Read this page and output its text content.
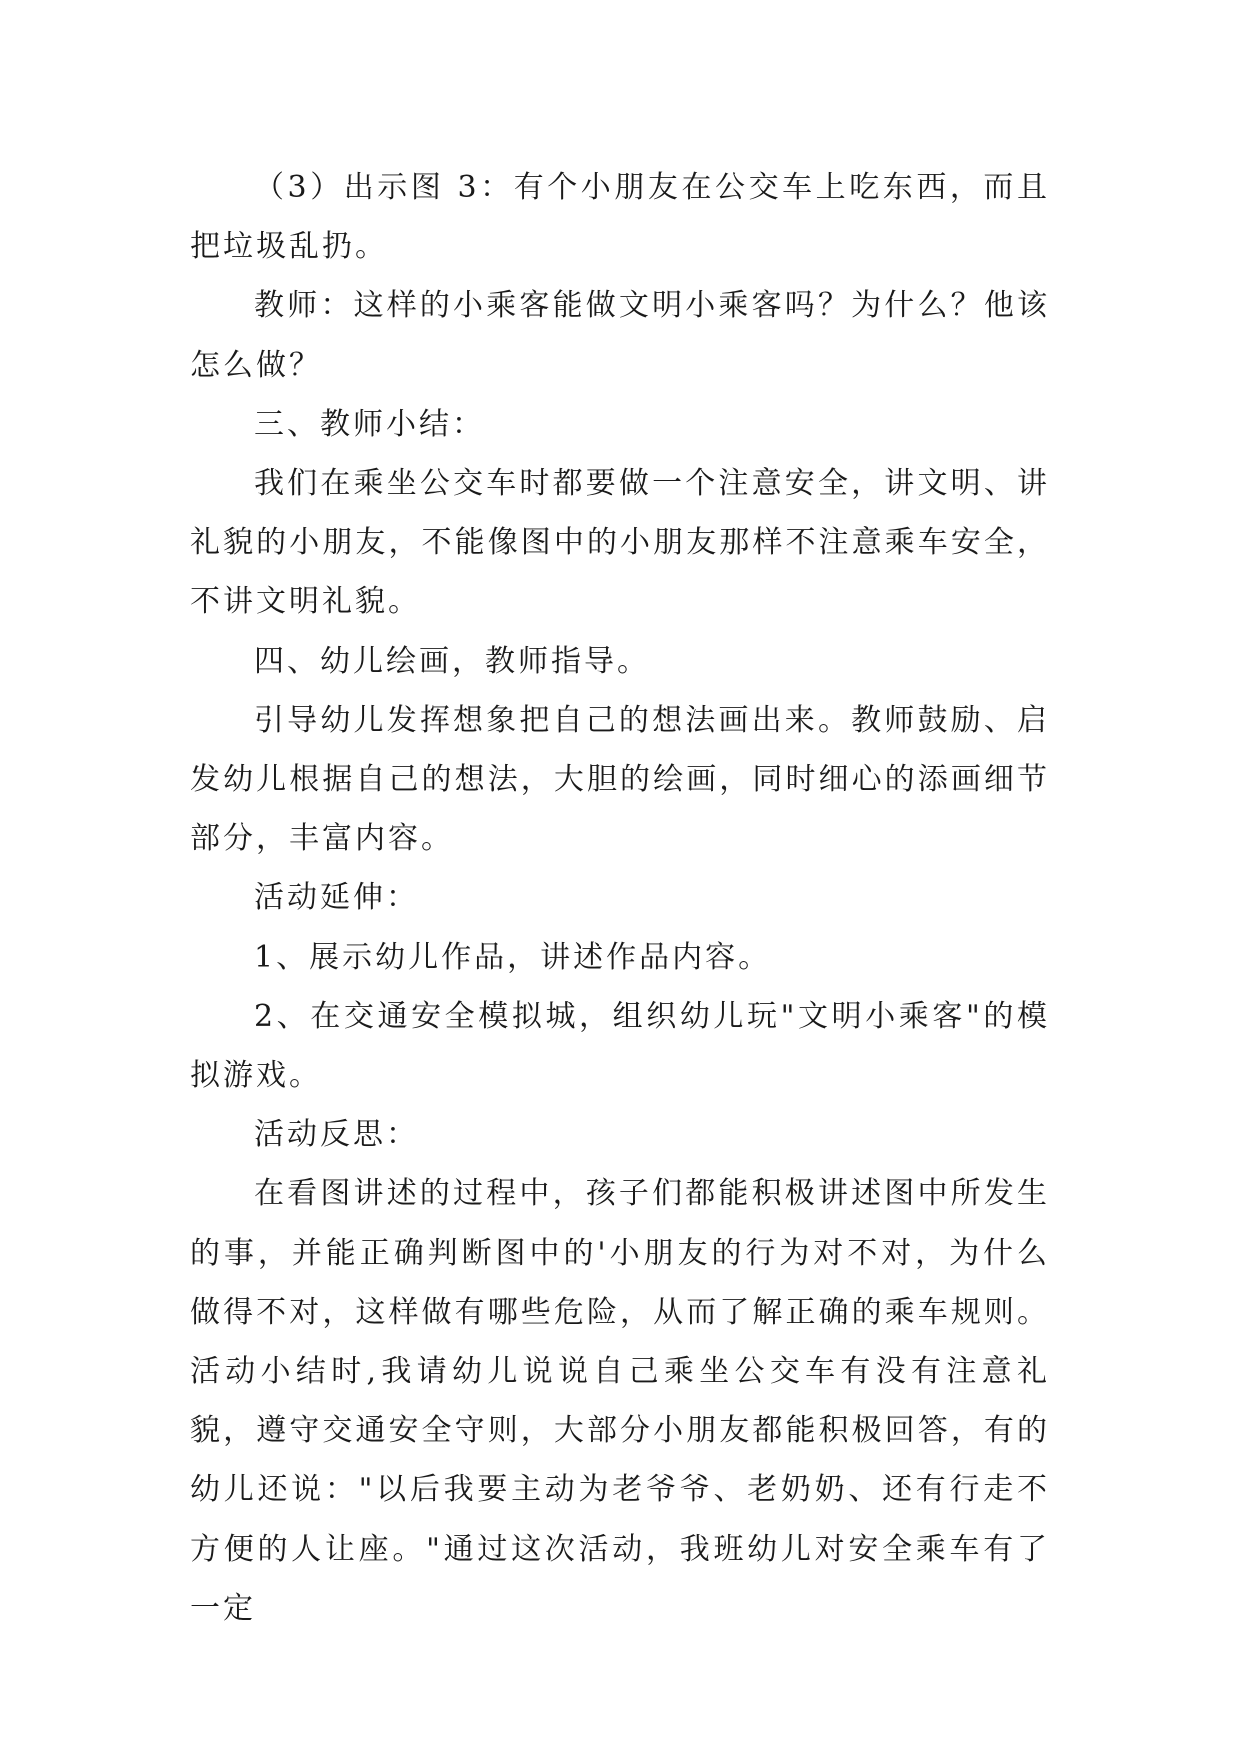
（3）出示图 3：有个小朋友在公交车上吃东西，而且把垃圾乱扔。

教师：这样的小乘客能做文明小乘客吗？为什么？他该怎么做？

三、教师小结：

我们在乘坐公交车时都要做一个注意安全，讲文明、讲礼貌的小朋友，不能像图中的小朋友那样不注意乘车安全，不讲文明礼貌。

四、幼儿绘画，教师指导。

引导幼儿发挥想象把自己的想法画出来。教师鼓励、启发幼儿根据自己的想法，大胆的绘画，同时细心的添画细节部分，丰富内容。

活动延伸：

1、展示幼儿作品，讲述作品内容。

2、在交通安全模拟城，组织幼儿玩"文明小乘客"的模拟游戏。

活动反思：

在看图讲述的过程中，孩子们都能积极讲述图中所发生的事，并能正确判断图中的'小朋友的行为对不对，为什么做得不对，这样做有哪些危险，从而了解正确的乘车规则。活动小结时,我请幼儿说说自己乘坐公交车有没有注意礼貌，遵守交通安全守则，大部分小朋友都能积极回答，有的幼儿还说："以后我要主动为老爷爷、老奶奶、还有行走不方便的人让座。"通过这次活动，我班幼儿对安全乘车有了一定
